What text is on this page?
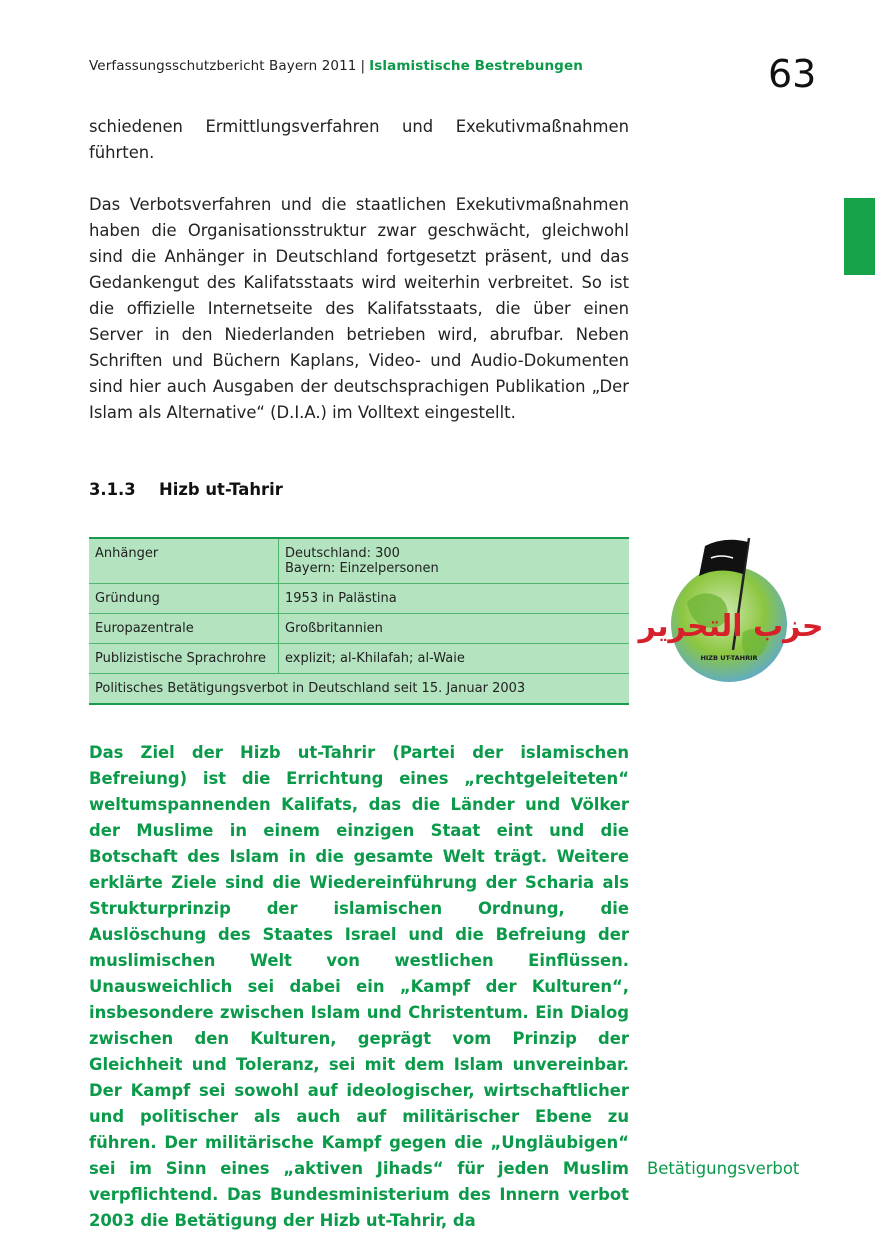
Verfassungsschutzbericht Bayern 2011 | Islamistische Bestrebungen	63

schiedenen Ermittlungsverfahren und Exekutivmaßnahmen führten.

Das Verbotsverfahren und die staatlichen Exekutivmaßnahmen haben die Organisationsstruktur zwar geschwächt, gleichwohl sind die Anhänger in Deutschland fortgesetzt präsent, und das Gedankengut des Kalifatsstaats wird weiterhin verbreitet. So ist die offizielle Internetseite des Kalifatsstaats, die über einen Server in den Niederlanden betrieben wird, abrufbar. Neben Schriften und Büchern Kaplans, Video- und Audio-Dokumenten sind hier auch Ausgaben der deutschsprachigen Publikation „Der Islam als Alternative“ (D.I.A.) im Volltext eingestellt.

3.1.3 Hizb ut-Tahrir
Anhänger	Deutschland: 300
Bayern: Einzelpersonen

Gründung	1953 in Palästina
Europazentrale	Großbritannien
Publizistische Sprachrohre	explizit; al-Khilafah; al-Waie
Politisches Betätigungsverbot in Deutschland seit 15. Januar 2003	
حزب التحرير
HIZB UT-TAHRIR

Das Ziel der Hizb ut-Tahrir (Partei der islamischen Befreiung) ist die Errichtung eines „rechtgeleiteten“ weltumspannenden Kalifats, das die Länder und Völker der Muslime in einem einzigen Staat eint und die Botschaft des Islam in die gesamte Welt trägt. Weitere erklärte Ziele sind die Wiedereinführung der Scharia als Strukturprinzip der islamischen Ordnung, die Auslöschung des Staates Israel und die Befreiung der muslimischen Welt von westlichen Einflüssen. Unausweichlich sei dabei ein „Kampf der Kulturen“, insbesondere zwischen Islam und Christentum. Ein Dialog zwischen den Kulturen, geprägt vom Prinzip der Gleichheit und Toleranz, sei mit dem Islam unvereinbar. Der Kampf sei sowohl auf ideologischer, wirtschaftlicher und politischer als auch auf militärischer Ebene zu führen. Der militärische Kampf gegen die „Ungläubigen“ sei im Sinn eines „aktiven Jihads“ für jeden Muslim verpflichtend. Das Bundesministerium des Innern verbot 2003 die Betätigung der Hizb ut-Tahrir, da

Betätigungsverbot
